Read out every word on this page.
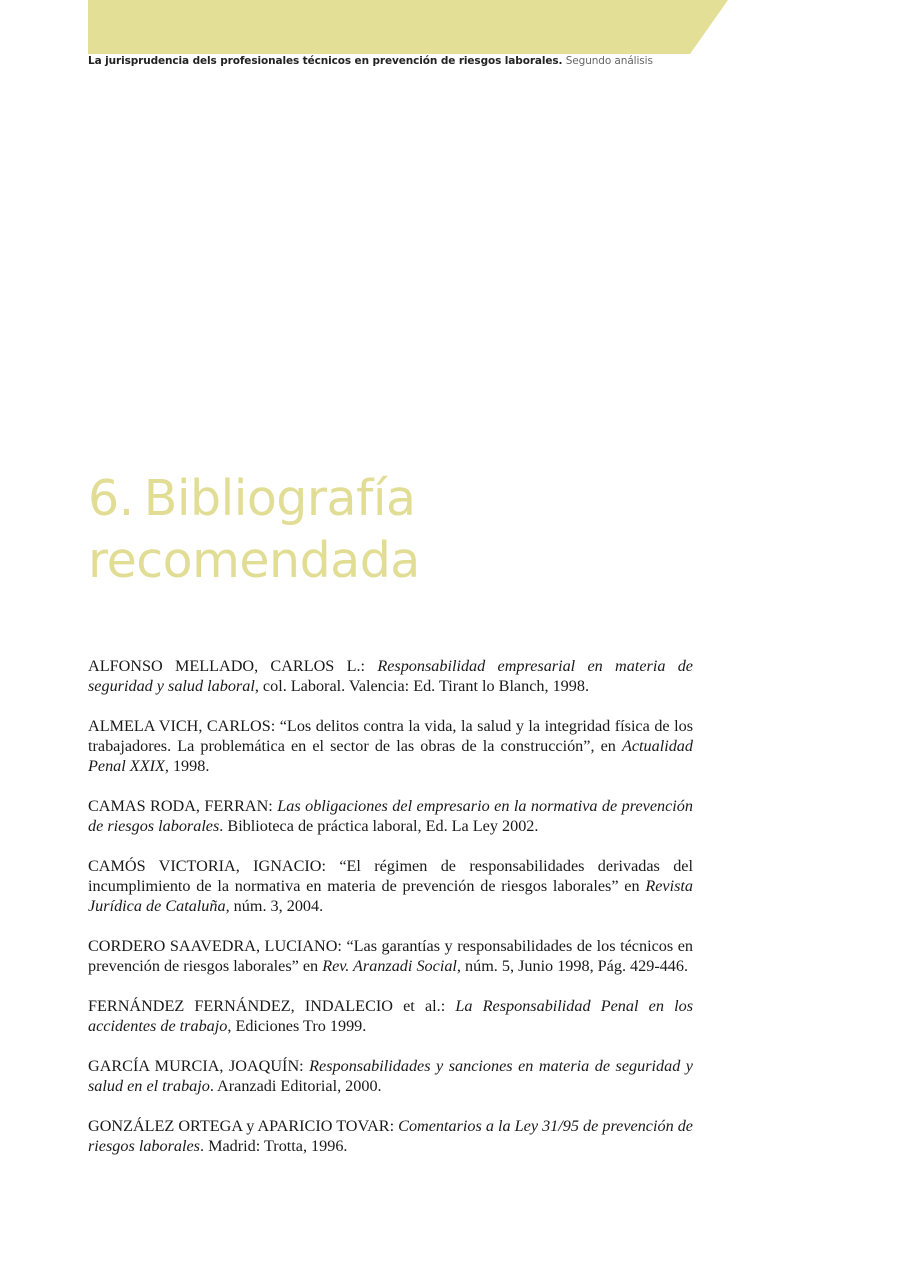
La jurisprudencia dels profesionales técnicos en prevención de riesgos laborales. Segundo análisis
6. Bibliografía
recomendada
ALFONSO MELLADO, CARLOS L.: Responsabilidad empresarial en materia de seguridad y salud laboral, col. Laboral. Valencia: Ed. Tirant lo Blanch, 1998.
ALMELA VICH, CARLOS: “Los delitos contra la vida, la salud y la integridad física de los trabajadores. La problemática en el sector de las obras de la construcción”, en Actualidad Penal XXIX, 1998.
CAMAS RODA, FERRAN: Las obligaciones del empresario en la normativa de prevención de riesgos laborales. Biblioteca de práctica laboral, Ed. La Ley 2002.
CAMÓS VICTORIA, IGNACIO: “El régimen de responsabilidades derivadas del incumplimiento de la normativa en materia de prevención de riesgos laborales” en Revista Jurídica de Cataluña, núm. 3, 2004.
CORDERO SAAVEDRA, LUCIANO: “Las garantías y responsabilidades de los técnicos en prevención de riesgos laborales” en Rev. Aranzadi Social, núm. 5, Junio 1998, Pág. 429-446.
FERNÁNDEZ FERNÁNDEZ, INDALECIO et al.: La Responsabilidad Penal en los accidentes de trabajo, Ediciones Tro 1999.
GARCÍA MURCIA, JOAQUÍN: Responsabilidades y sanciones en materia de seguridad y salud en el trabajo. Aranzadi Editorial, 2000.
GONZÁLEZ ORTEGA y APARICIO TOVAR: Comentarios a la Ley 31/95 de prevención de riesgos laborales. Madrid: Trotta, 1996.
